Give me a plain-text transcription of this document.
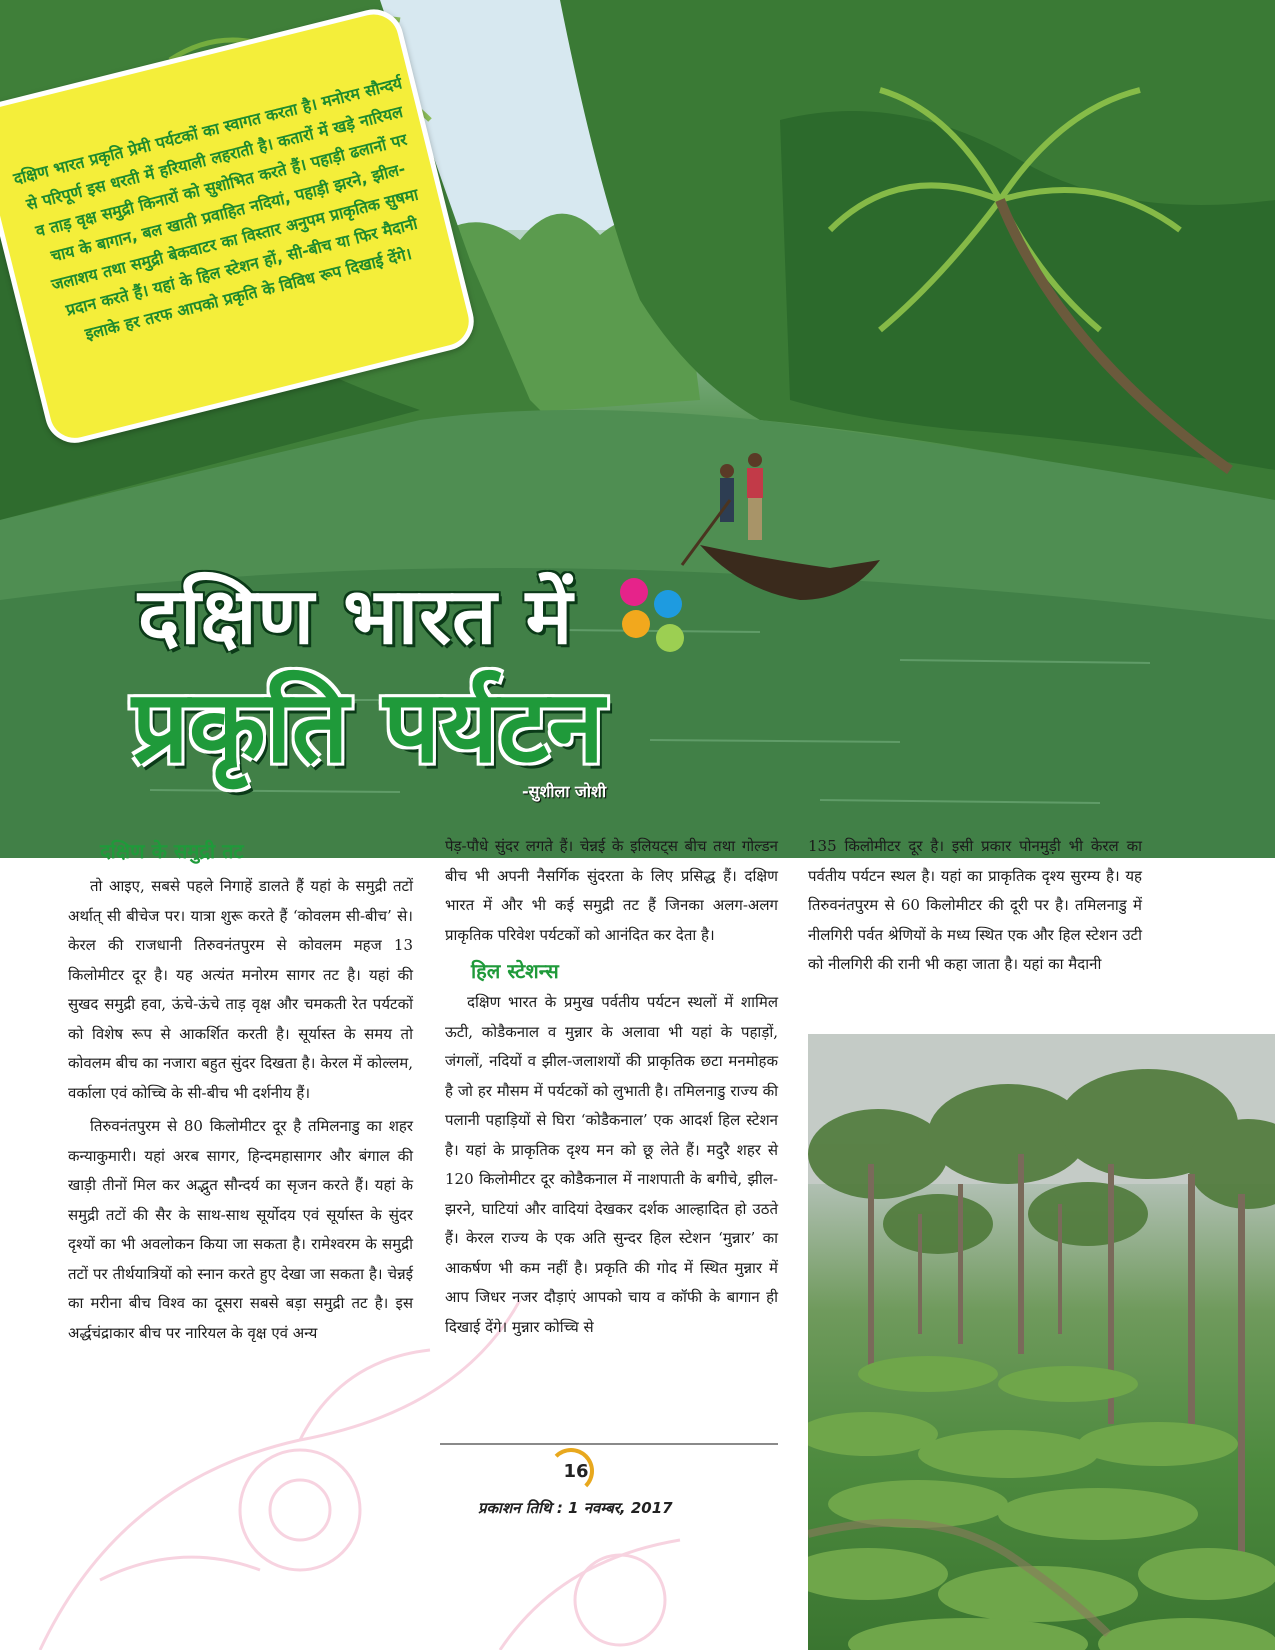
दक्षिण भारत प्रकृति प्रेमी पर्यटकों का स्वागत करता है। मनोरम सौन्दर्य से परिपूर्ण इस धरती में हरियाली लहराती है। कतारों में खड़े नारियल व ताड़ वृक्ष समुद्री किनारों को सुशोभित करते हैं। पहाड़ी ढलानों पर चाय के बागान, बल खाती प्रवाहित नदियां, पहाड़ी झरने, झील-जलाशय तथा समुद्री बेकवाटर का विस्तार अनुपम प्राकृतिक सुषमा प्रदान करते हैं। यहां के हिल स्टेशन हों, सी-बीच या फिर मैदानी इलाके हर तरफ आपको प्रकृति के विविध रूप दिखाई देंगे।
दक्षिण भारत में
प्रकृति पर्यटन
-सुशीला जोशी
दक्षिण के समुद्री तट

तो आइए, सबसे पहले निगाहें डालते हैं यहां के समुद्री तटों अर्थात् सी बीचेज पर। यात्रा शुरू करते हैं ‘कोवलम सी-बीच’ से। केरल की राजधानी तिरुवनंतपुरम से कोवलम महज 13 किलोमीटर दूर है। यह अत्यंत मनोरम सागर तट है। यहां की सुखद समुद्री हवा, ऊंचे-ऊंचे ताड़ वृक्ष और चमकती रेत पर्यटकों को विशेष रूप से आकर्शित करती है। सूर्यास्त के समय तो कोवलम बीच का नजारा बहुत सुंदर दिखता है। केरल में कोल्लम, वर्काला एवं कोच्चि के सी-बीच भी दर्शनीय हैं।

तिरुवनंतपुरम से 80 किलोमीटर दूर है तमिलनाडु का शहर कन्याकुमारी। यहां अरब सागर, हिन्दमहासागर और बंगाल की खाड़ी तीनों मिल कर अद्भुत सौन्दर्य का सृजन करते हैं। यहां के समुद्री तटों की सैर के साथ-साथ सूर्योदय एवं सूर्यास्त के सुंदर दृश्यों का भी अवलोकन किया जा सकता है। रामेश्वरम के समुद्री तटों पर तीर्थयात्रियों को स्नान करते हुए देखा जा सकता है। चेन्नई का मरीना बीच विश्व का दूसरा सबसे बड़ा समुद्री तट है। इस अर्द्धचंद्राकार बीच पर नारियल के वृक्ष एवं अन्य

पेड़-पौधे सुंदर लगते हैं। चेन्नई के इलियट्स बीच तथा गोल्डन बीच भी अपनी नैसर्गिक सुंदरता के लिए प्रसिद्ध हैं। दक्षिण भारत में और भी कई समुद्री तट हैं जिनका अलग-अलग प्राकृतिक परिवेश पर्यटकों को आनंदित कर देता है।

हिल स्टेशन्स

दक्षिण भारत के प्रमुख पर्वतीय पर्यटन स्थलों में शामिल ऊटी, कोडैकनाल व मुन्नार के अलावा भी यहां के पहाड़ों, जंगलों, नदियों व झील-जलाशयों की प्राकृतिक छटा मनमोहक है जो हर मौसम में पर्यटकों को लुभाती है। तमिलनाडु राज्य की पलानी पहाड़ियों से घिरा ‘कोडैकनाल’ एक आदर्श हिल स्टेशन है। यहां के प्राकृतिक दृश्य मन को छू लेते हैं। मदुरै शहर से 120 किलोमीटर दूर कोडैकनाल में नाशपाती के बगीचे, झील-झरने, घाटियां और वादियां देखकर दर्शक आल्हादित हो उठते हैं। केरल राज्य के एक अति सुन्दर हिल स्टेशन ‘मुन्नार’ का आकर्षण भी कम नहीं है। प्रकृति की गोद में स्थित मुन्नार में आप जिधर नजर दौड़ाएं आपको चाय व कॉफी के बागान ही दिखाई देंगे। मुन्नार कोच्चि से

135 किलोमीटर दूर है। इसी प्रकार पोनमुड़ी भी केरल का पर्वतीय पर्यटन स्थल है। यहां का प्राकृतिक दृश्य सुरम्य है। यह तिरुवनंतपुरम से 60 किलोमीटर की दूरी पर है। तमिलनाडु में नीलगिरी पर्वत श्रेणियों के मध्य स्थित एक और हिल स्टेशन उटी को नीलगिरी की रानी भी कहा जाता है। यहां का मैदानी

16
प्रकाशन तिथि : 1 नवम्बर, 2017
